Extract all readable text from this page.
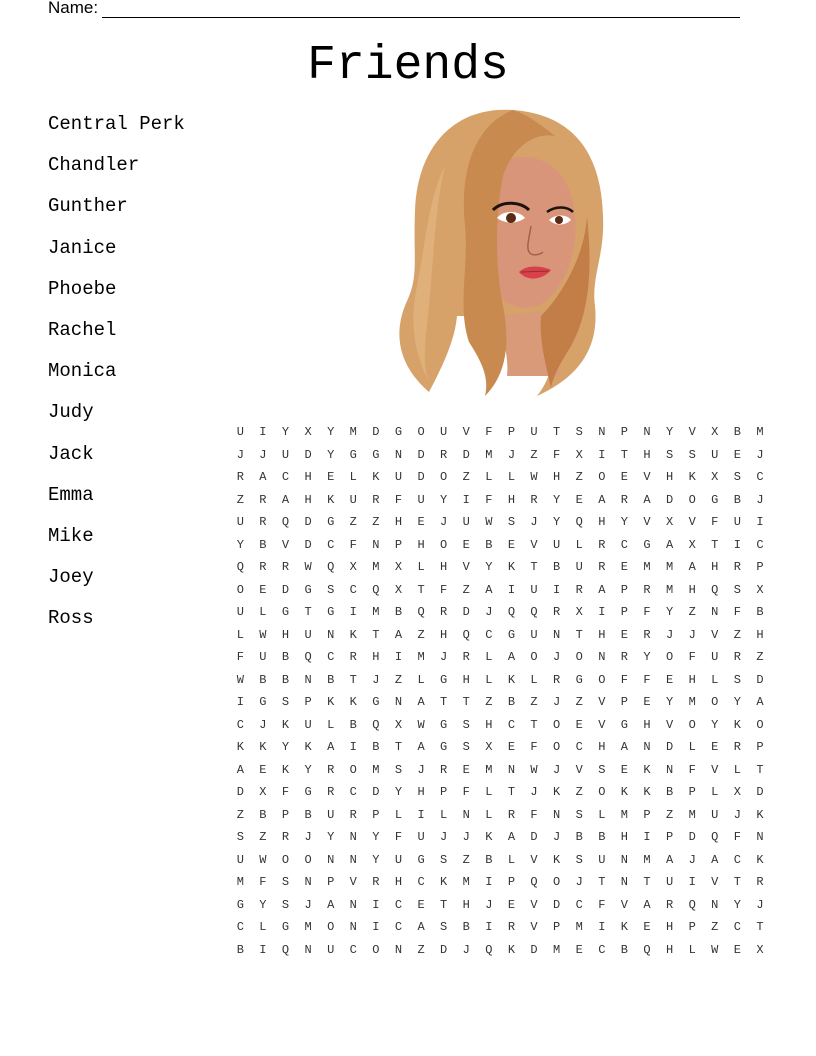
Name:
Friends
Central Perk
Chandler
Gunther
Janice
Phoebe
Rachel
Monica
Judy
Jack
Emma
Mike
Joey
Ross
U	I	Y	X	Y	M	D	G	O	U	V	F	P	U	T	S	N	P	N	Y	V	X	B	M
J	J	U	D	Y	G	G	N	D	R	D	M	J	Z	F	X	I	T	H	S	S	U	E	J
R	A	C	H	E	L	K	U	D	O	Z	L	L	W	H	Z	O	E	V	H	K	X	S	C
Z	R	A	H	K	U	R	F	U	Y	I	F	H	R	Y	E	A	R	A	D	O	G	B	J
U	R	Q	D	G	Z	Z	H	E	J	U	W	S	J	Y	Q	H	Y	V	X	V	F	U	I
Y	B	V	D	C	F	N	P	H	O	E	B	E	V	U	L	R	C	G	A	X	T	I	C
Q	R	R	W	Q	X	M	X	L	H	V	Y	K	T	B	U	R	E	M	M	A	H	R	P
O	E	D	G	S	C	Q	X	T	F	Z	A	I	U	I	R	A	P	R	M	H	Q	S	X
U	L	G	T	G	I	M	B	Q	R	D	J	Q	Q	R	X	I	P	F	Y	Z	N	F	B
L	W	H	U	N	K	T	A	Z	H	Q	C	G	U	N	T	H	E	R	J	J	V	Z	H
F	U	B	Q	C	R	H	I	M	J	R	L	A	O	J	O	N	R	Y	O	F	U	R	Z
W	B	B	N	B	T	J	Z	L	G	H	L	K	L	R	G	O	F	F	E	H	L	S	D
I	G	S	P	K	K	G	N	A	T	T	Z	B	Z	J	Z	V	P	E	Y	M	O	Y	A
C	J	K	U	L	B	Q	X	W	G	S	H	C	T	O	E	V	G	H	V	O	Y	K	O
K	K	Y	K	A	I	B	T	A	G	S	X	E	F	O	C	H	A	N	D	L	E	R	P
A	E	K	Y	R	O	M	S	J	R	E	M	N	W	J	V	S	E	K	N	F	V	L	T
D	X	F	G	R	C	D	Y	H	P	F	L	T	J	K	Z	O	K	K	B	P	L	X	D
Z	B	P	B	U	R	P	L	I	L	N	L	R	F	N	S	L	M	P	Z	M	U	J	K
S	Z	R	J	Y	N	Y	F	U	J	J	K	A	D	J	B	B	H	I	P	D	Q	F	N
U	W	O	O	N	N	Y	U	G	S	Z	B	L	V	K	S	U	N	M	A	J	A	C	K
M	F	S	N	P	V	R	H	C	K	M	I	P	Q	O	J	T	N	T	U	I	V	T	R
G	Y	S	J	A	N	I	C	E	T	H	J	E	V	D	C	F	V	A	R	Q	N	Y	J
C	L	G	M	O	N	I	C	A	S	B	I	R	V	P	M	I	K	E	H	P	Z	C	T
B	I	Q	N	U	C	O	N	Z	D	J	Q	K	D	M	E	C	B	Q	H	L	W	E	X
